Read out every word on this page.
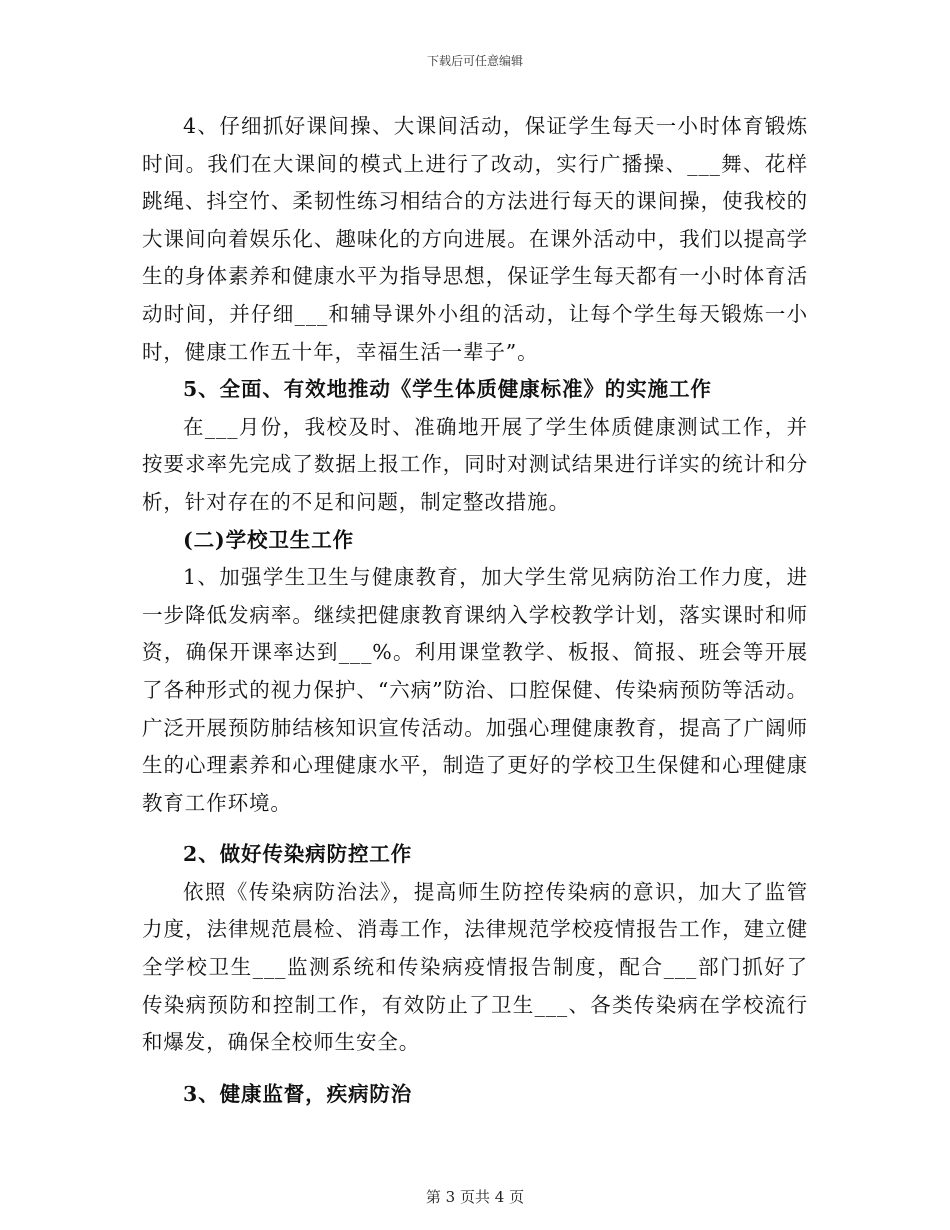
下载后可任意编辑

4、仔细抓好课间操、大课间活动，保证学生每天一小时体育锻炼时间。我们在大课间的模式上进行了改动，实行广播操、___舞、花样跳绳、抖空竹、柔韧性练习相结合的方法进行每天的课间操，使我校的大课间向着娱乐化、趣味化的方向进展。在课外活动中，我们以提高学生的身体素养和健康水平为指导思想，保证学生每天都有一小时体育活动时间，并仔细___和辅导课外小组的活动，让每个学生每天锻炼一小时，健康工作五十年，幸福生活一辈子”。

5、全面、有效地推动《学生体质健康标准》的实施工作

在___月份，我校及时、准确地开展了学生体质健康测试工作，并按要求率先完成了数据上报工作，同时对测试结果进行详实的统计和分析，针对存在的不足和问题，制定整改措施。

(二)学校卫生工作

1、加强学生卫生与健康教育，加大学生常见病防治工作力度，进一步降低发病率。继续把健康教育课纳入学校教学计划，落实课时和师资，确保开课率达到___%。利用课堂教学、板报、简报、班会等开展了各种形式的视力保护、“六病”防治、口腔保健、传染病预防等活动。广泛开展预防肺结核知识宣传活动。加强心理健康教育，提高了广阔师生的心理素养和心理健康水平，制造了更好的学校卫生保健和心理健康教育工作环境。

2、做好传染病防控工作

依照《传染病防治法》，提高师生防控传染病的意识，加大了监管力度，法律规范晨检、消毒工作，法律规范学校疫情报告工作，建立健全学校卫生___监测系统和传染病疫情报告制度，配合___部门抓好了传染病预防和控制工作，有效防止了卫生___、各类传染病在学校流行和爆发，确保全校师生安全。

3、健康监督，疾病防治

第 3 页共 4 页
